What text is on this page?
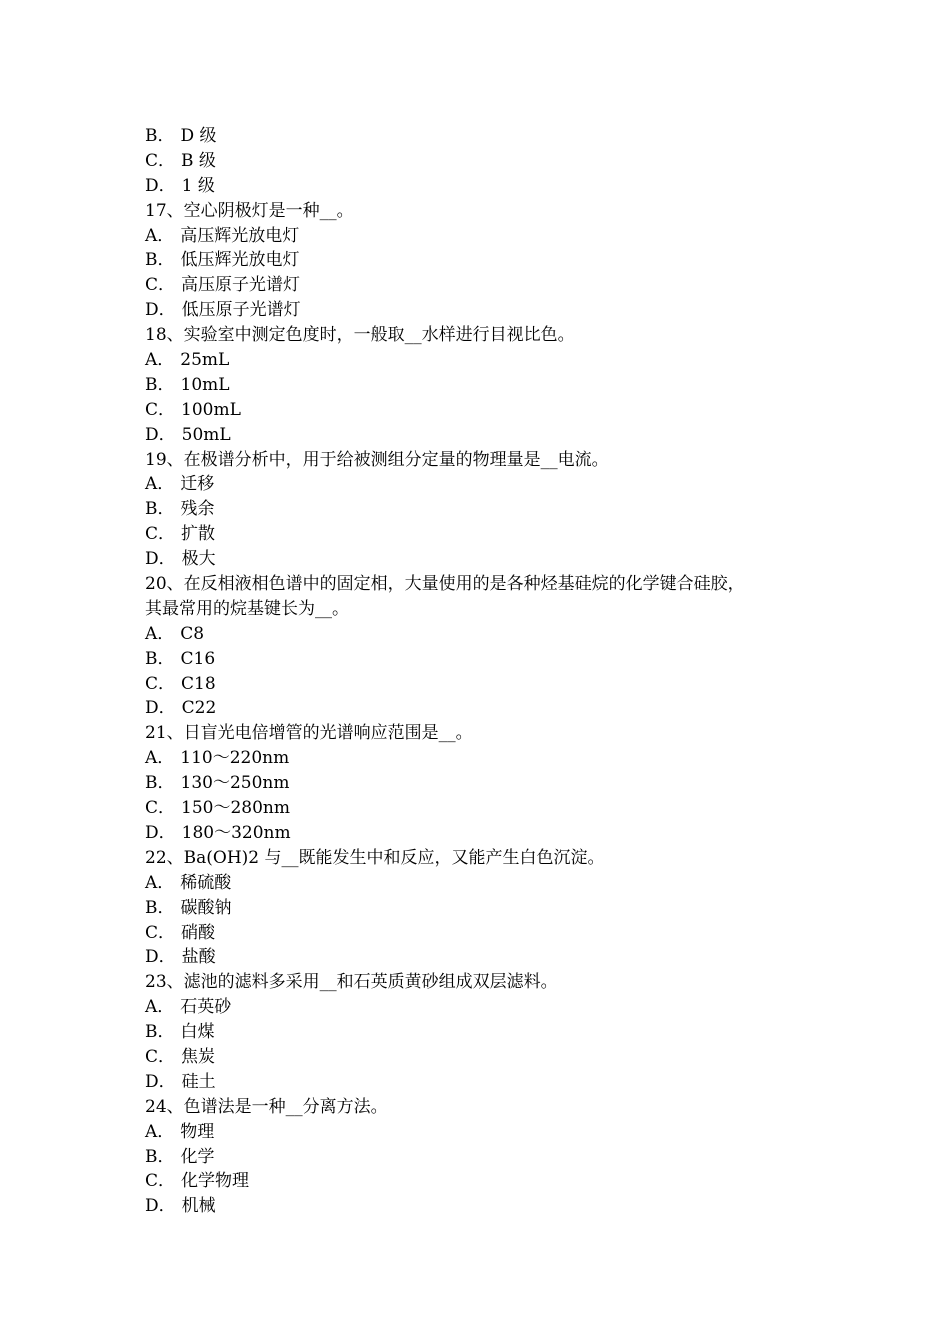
B． D 级
C． B 级
D． 1 级
17、空心阴极灯是一种__。
A． 高压辉光放电灯
B． 低压辉光放电灯
C． 高压原子光谱灯
D． 低压原子光谱灯
18、实验室中测定色度时，一般取__水样进行目视比色。
A． 25mL
B． 10mL
C． 100mL
D． 50mL
19、在极谱分析中，用于给被测组分定量的物理量是__电流。
A． 迁移
B． 残余
C． 扩散
D． 极大
20、在反相液相色谱中的固定相，大量使用的是各种烃基硅烷的化学键合硅胶，
其最常用的烷基键长为__。
A． C8
B． C16
C． C18
D． C22
21、日盲光电倍增管的光谱响应范围是__。
A． 110～220nm
B． 130～250nm
C． 150～280nm
D． 180～320nm
22、Ba(OH)2 与__既能发生中和反应，又能产生白色沉淀。
A． 稀硫酸
B． 碳酸钠
C． 硝酸
D． 盐酸
23、滤池的滤料多采用__和石英质黄砂组成双层滤料。
A． 石英砂
B． 白煤
C． 焦炭
D． 硅土
24、色谱法是一种__分离方法。
A． 物理
B． 化学
C． 化学物理
D． 机械
